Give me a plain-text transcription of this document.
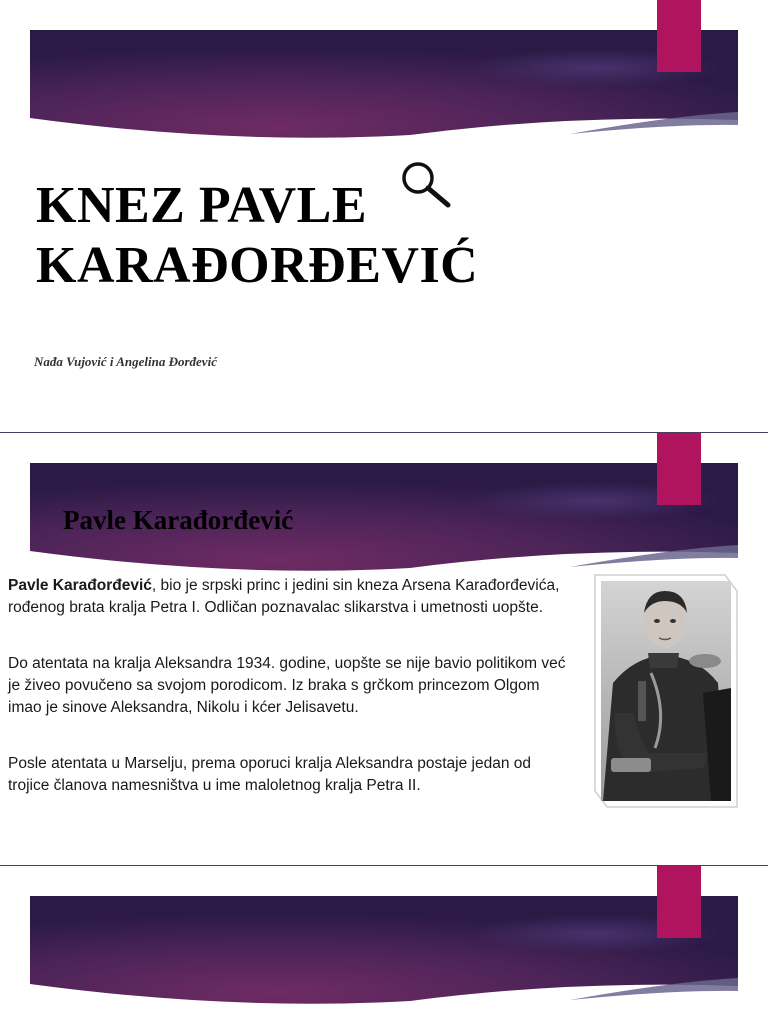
KNEZ PAVLE
KARAĐORĐEVIĆ

Nađa Vujović i Angelina Đorđević

Pavle Karađorđević

Pavle Karađorđević, bio je srpski princ i jedini sin kneza Arsena Karađorđevića, rođenog brata kralja Petra I. Odličan poznavalac slikarstva i umetnosti uopšte.

Do atentata na kralja Aleksandra 1934. godine, uopšte se nije bavio politikom već je živeo povučeno sa svojom porodicom. Iz braka s grčkom princezom Olgom imao je sinove Aleksandra, Nikolu i kćer Jelisavetu.

Posle atentata u Marselju, prema oporuci kralja Aleksandra postaje jedan od trojice članova namesništva u ime maloletnog kralja Petra II.
